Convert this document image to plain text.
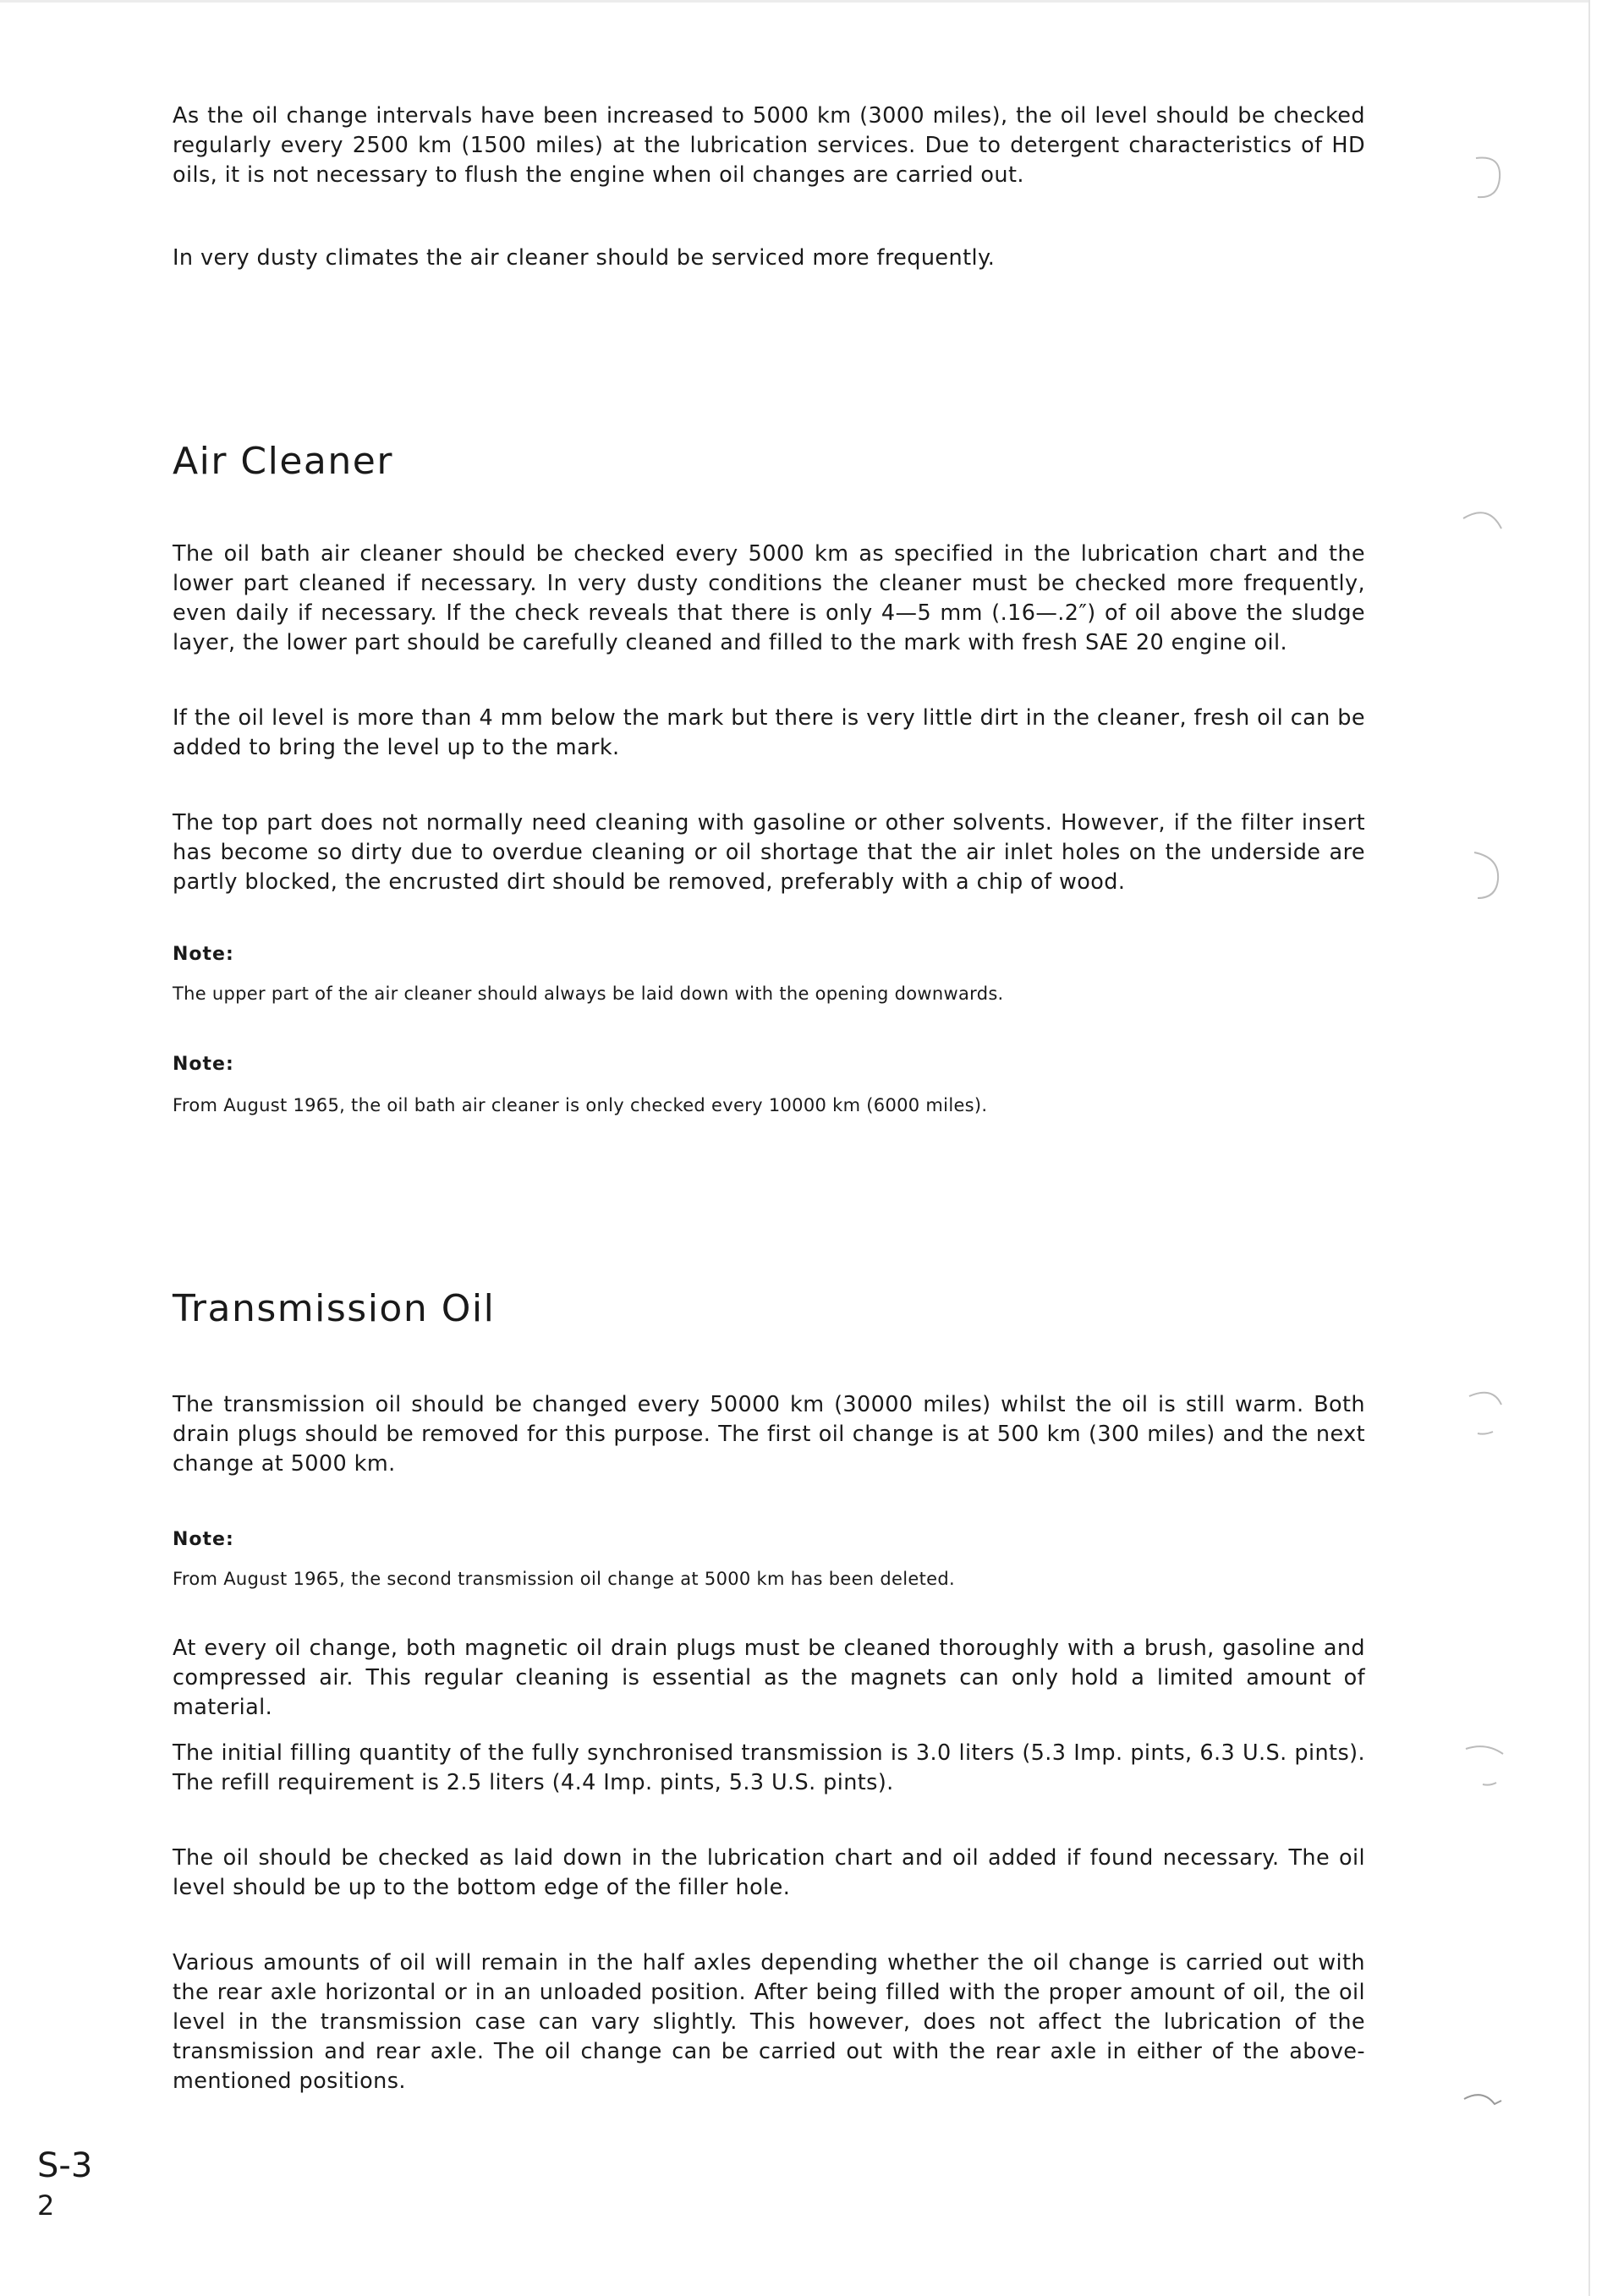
As the oil change intervals have been increased to 5000 km (3000 miles), the oil level should be checked regularly every 2500 km (1500 miles) at the lubrication services. Due to detergent characteristics of HD oils, it is not necessary to flush the engine when oil changes are carried out.

In very dusty climates the air cleaner should be serviced more frequently.

Air Cleaner

The oil bath air cleaner should be checked every 5000 km as specified in the lubrication chart and the lower part cleaned if necessary. In very dusty conditions the cleaner must be checked more frequently, even daily if necessary. If the check reveals that there is only 4—5 mm (.16—.2″) of oil above the sludge layer, the lower part should be carefully cleaned and filled to the mark with fresh SAE 20 engine oil.

If the oil level is more than 4 mm below the mark but there is very little dirt in the cleaner, fresh oil can be added to bring the level up to the mark.

The top part does not normally need cleaning with gasoline or other solvents. However, if the filter insert has become so dirty due to overdue cleaning or oil shortage that the air inlet holes on the underside are partly blocked, the encrusted dirt should be removed, preferably with a chip of wood.

Note:

The upper part of the air cleaner should always be laid down with the opening downwards.

Note:

From August 1965, the oil bath air cleaner is only checked every 10000 km (6000 miles).

Transmission Oil

The transmission oil should be changed every 50000 km (30000 miles) whilst the oil is still warm. Both drain plugs should be removed for this purpose. The first oil change is at 500 km (300 miles) and the next change at 5000 km.

Note:

From August 1965, the second transmission oil change at 5000 km has been deleted.

At every oil change, both magnetic oil drain plugs must be cleaned thoroughly with a brush, gasoline and compressed air. This regular cleaning is essential as the magnets can only hold a limited amount of material.

The initial filling quantity of the fully synchronised transmission is 3.0 liters (5.3 Imp. pints, 6.3 U.S. pints). The refill requirement is 2.5 liters (4.4 Imp. pints, 5.3 U.S. pints).

The oil should be checked as laid down in the lubrication chart and oil added if found necessary. The oil level should be up to the bottom edge of the filler hole.

Various amounts of oil will remain in the half axles depending whether the oil change is carried out with the rear axle horizontal or in an unloaded position. After being filled with the proper amount of oil, the oil level in the transmission case can vary slightly. This however, does not affect the lubrication of the transmission and rear axle. The oil change can be carried out with the rear axle in either of the above-mentioned positions.

S-3
2
